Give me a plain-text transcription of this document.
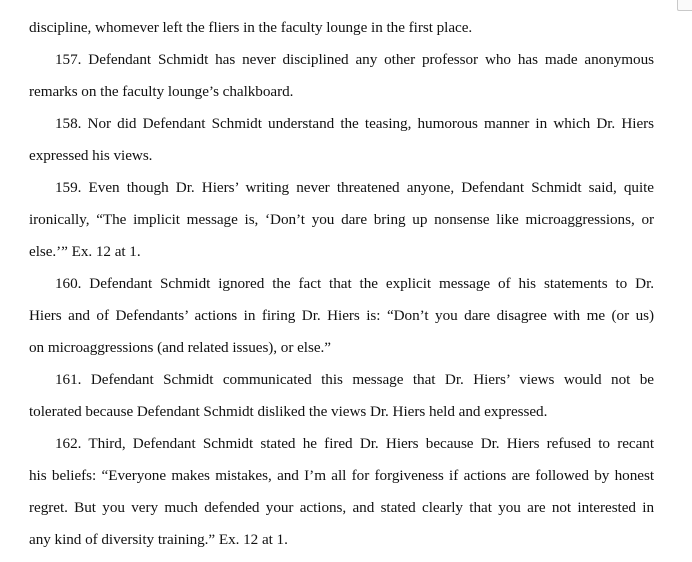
discipline, whomever left the fliers in the faculty lounge in the first place.
157. Defendant Schmidt has never disciplined any other professor who has made anonymous
remarks on the faculty lounge’s chalkboard.
158. Nor did Defendant Schmidt understand the teasing, humorous manner in which Dr. Hiers
expressed his views.
159. Even though Dr. Hiers’ writing never threatened anyone, Defendant Schmidt said, quite
ironically, “The implicit message is, ‘Don’t you dare bring up nonsense like microaggressions, or
else.’” Ex. 12 at 1.
160. Defendant Schmidt ignored the fact that the explicit message of his statements to Dr.
Hiers and of Defendants’ actions in firing Dr. Hiers is: “Don’t you dare disagree with me (or us)
on microaggressions (and related issues), or else.”
161. Defendant Schmidt communicated this message that Dr. Hiers’ views would not be
tolerated because Defendant Schmidt disliked the views Dr. Hiers held and expressed.
162. Third, Defendant Schmidt stated he fired Dr. Hiers because Dr. Hiers refused to recant
his beliefs: “Everyone makes mistakes, and I’m all for forgiveness if actions are followed by honest
regret. But you very much defended your actions, and stated clearly that you are not interested in
any kind of diversity training.” Ex. 12 at 1.
